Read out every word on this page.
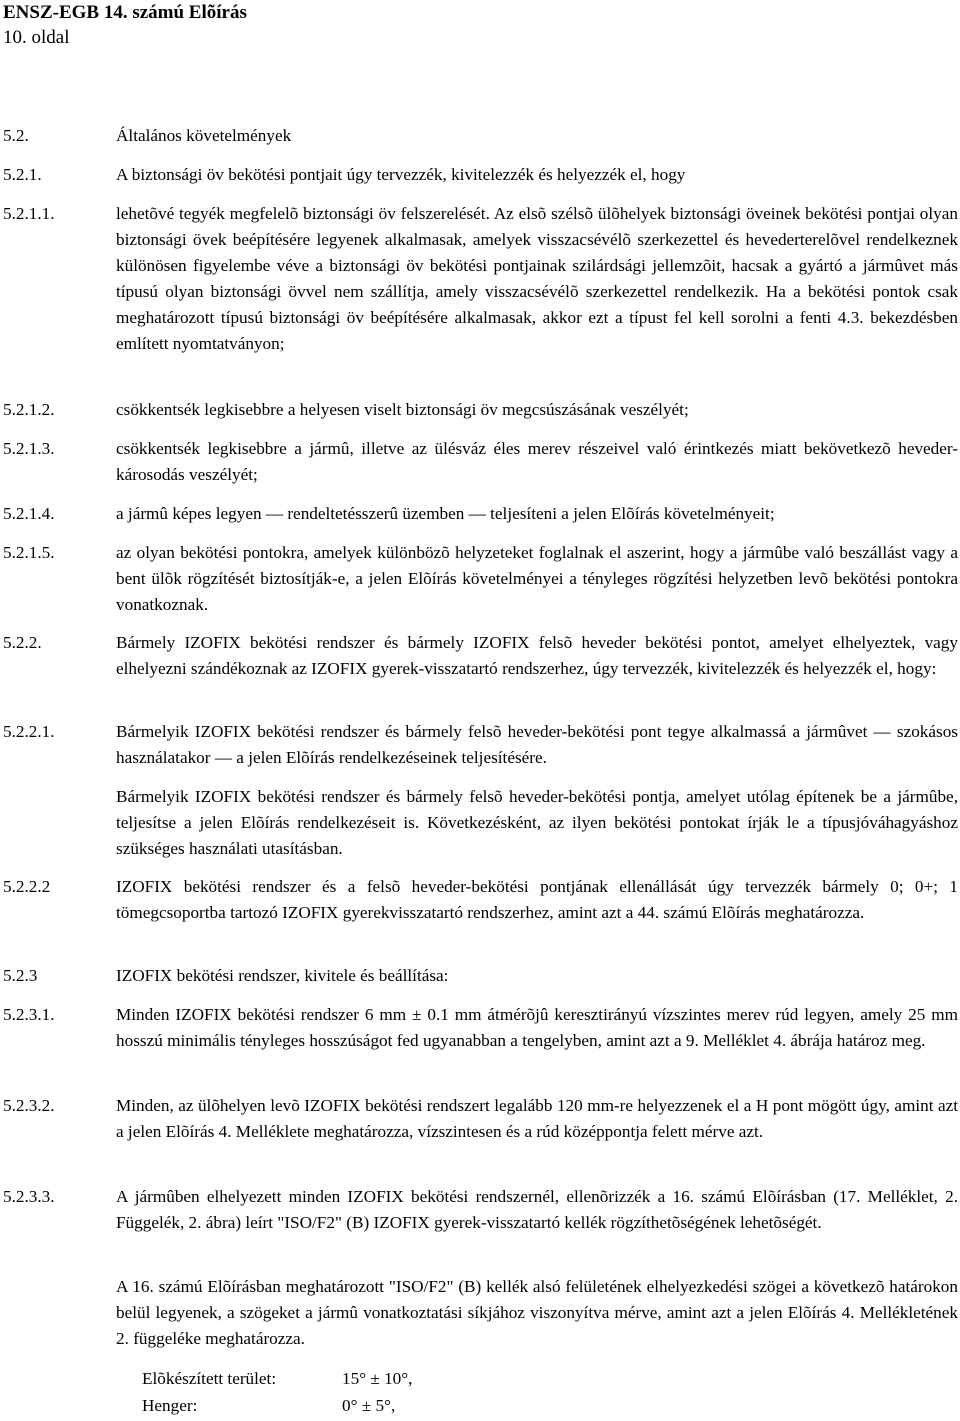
ENSZ-EGB 14. számú Elõírás
10. oldal
5.2.	Általános követelmények
5.2.1.	A biztonsági öv bekötési pontjait úgy tervezzék, kivitelezzék és helyezzék el, hogy
5.2.1.1.	lehetõvé tegyék megfelelõ biztonsági öv felszerelését. Az elsõ szélsõ ülõhelyek biztonsági öveinek bekötési pontjai olyan biztonsági övek beépítésére legyenek alkalmasak, amelyek visszacsévélõ szerkezettel és hevederterelõvel rendelkeznek különösen figyelembe véve a biztonsági öv bekötési pontjainak szilárdsági jellemzõit, hacsak a gyártó a jármûvet más típusú olyan biztonsági övvel nem szállítja, amely visszacsévélõ szerkezettel rendelkezik. Ha a bekötési pontok csak meghatározott típusú biztonsági öv beépítésére alkalmasak, akkor ezt a típust fel kell sorolni a fenti 4.3. bekezdésben említett nyomtatványon;
5.2.1.2.	csökkentsék legkisebbre a helyesen viselt biztonsági öv megcsúszásának veszélyét;
5.2.1.3.	csökkentsék legkisebbre a jármû, illetve az ülésváz éles merev részeivel való érintkezés miatt bekövetkezõ heveder-károsodás veszélyét;
5.2.1.4.	a jármû képes legyen — rendeltetésszerû üzemben — teljesíteni a jelen Elõírás követelményeit;
5.2.1.5.	az olyan bekötési pontokra, amelyek különbözõ helyzeteket foglalnak el aszerint, hogy a jármûbe való beszállást vagy a bent ülõk rögzítését biztosítják-e, a jelen Elõírás követelményei a tényleges rögzítési helyzetben levõ bekötési pontokra vonatkoznak.
5.2.2.	Bármely IZOFIX bekötési rendszer és bármely IZOFIX felsõ heveder bekötési pontot, amelyet elhelyeztek, vagy elhelyezni szándékoznak az IZOFIX gyerek-visszatartó rendszerhez, úgy tervezzék, kivitelezzék és helyezzék el, hogy:
5.2.2.1.	Bármelyik IZOFIX bekötési rendszer és bármely felsõ heveder-bekötési pont tegye alkalmassá a jármûvet — szokásos használatakor — a jelen Elõírás rendelkezéseinek teljesítésére.
Bármelyik IZOFIX bekötési rendszer és bármely felsõ heveder-bekötési pontja, amelyet utólag építenek be a jármûbe, teljesítse a jelen Elõírás rendelkezéseit is. Következésként, az ilyen bekötési pontokat írják le a típusjóváhagyáshoz szükséges használati utasításban.
5.2.2.2	IZOFIX bekötési rendszer és a felsõ heveder-bekötési pontjának ellenállását úgy tervezzék bármely 0; 0+; 1 tömegcsoportba tartozó IZOFIX gyerekvisszatartó rendszerhez, amint azt a 44. számú Elõírás meghatározza.
5.2.3	IZOFIX bekötési rendszer, kivitele és beállítása:
5.2.3.1.	Minden IZOFIX bekötési rendszer 6 mm ± 0.1 mm átmérõjû keresztirányú vízszintes merev rúd legyen, amely 25 mm hosszú minimális tényleges hosszúságot fed ugyanabban a tengelyben, amint azt a 9. Melléklet 4. ábrája határoz meg.
5.2.3.2.	Minden, az ülõhelyen levõ IZOFIX bekötési rendszert legalább 120 mm-re helyezzenek el a H pont mögött úgy, amint azt a jelen Elõírás 4. Melléklete meghatározza, vízszintesen és a rúd középpontja felett mérve azt.
5.2.3.3.	A jármûben elhelyezett minden IZOFIX bekötési rendszernél, ellenõrizzék a 16. számú Elõírásban (17. Melléklet, 2. Függelék, 2. ábra) leírt "ISO/F2" (B) IZOFIX gyerek-visszatartó kellék rögzíthetõségének lehetõségét.
A 16. számú Elõírásban meghatározott "ISO/F2" (B) kellék alsó felületének elhelyezkedési szögei a következõ határokon belül legyenek, a szögeket a jármû vonatkoztatási síkjához viszonyítva mérve, amint azt a jelen Elõírás 4. Mellékletének 2. függeléke meghatározza.
Elõkészített terület:	15° ± 10°,
Henger:	0° ± 5°,
